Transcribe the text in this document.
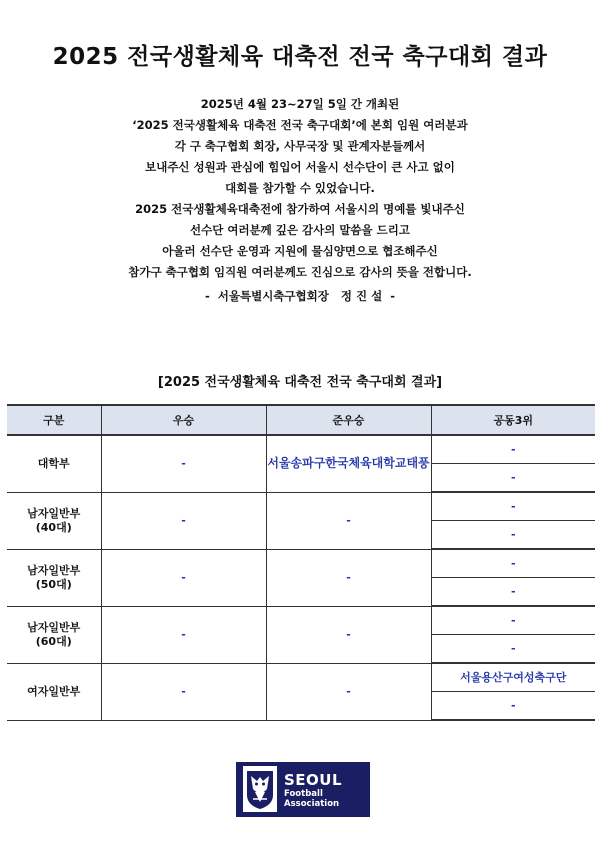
2025 전국생활체육 대축전 전국 축구대회 결과
2025년 4월 23~27일 5일 간 개최된
‘2025 전국생활체육 대축전 전국 축구대회’에 본회 임원 여러분과
각 구 축구협회 회장, 사무국장 및 관계자분들께서
보내주신 성원과 관심에 힘입어 서울시 선수단이 큰 사고 없이
대회를 참가할 수 있었습니다.
2025 전국생활체육대축전에 참가하여 서울시의 명예를 빛내주신
선수단 여러분께 깊은 감사의 말씀을 드리고
아울러 선수단 운영과 지원에 물심양면으로 협조해주신
참가구 축구협회 임직원 여러분께도 진심으로 감사의 뜻을 전합니다.
-  서울특별시축구협회장   정 진 설  -
[2025 전국생활체육 대축전 전국 축구대회 결과]
구분	우승	준우승	공동3위
대학부	-	서울송파구한국체육대학교태풍	-
			-
남자일반부
(40대)	-	-	-
			-
남자일반부
(50대)	-	-	-
			-
남자일반부
(60대)	-	-	-
			-
여자일반부	-	-	서울용산구여성축구단
			-
SEOUL
Football
Association
